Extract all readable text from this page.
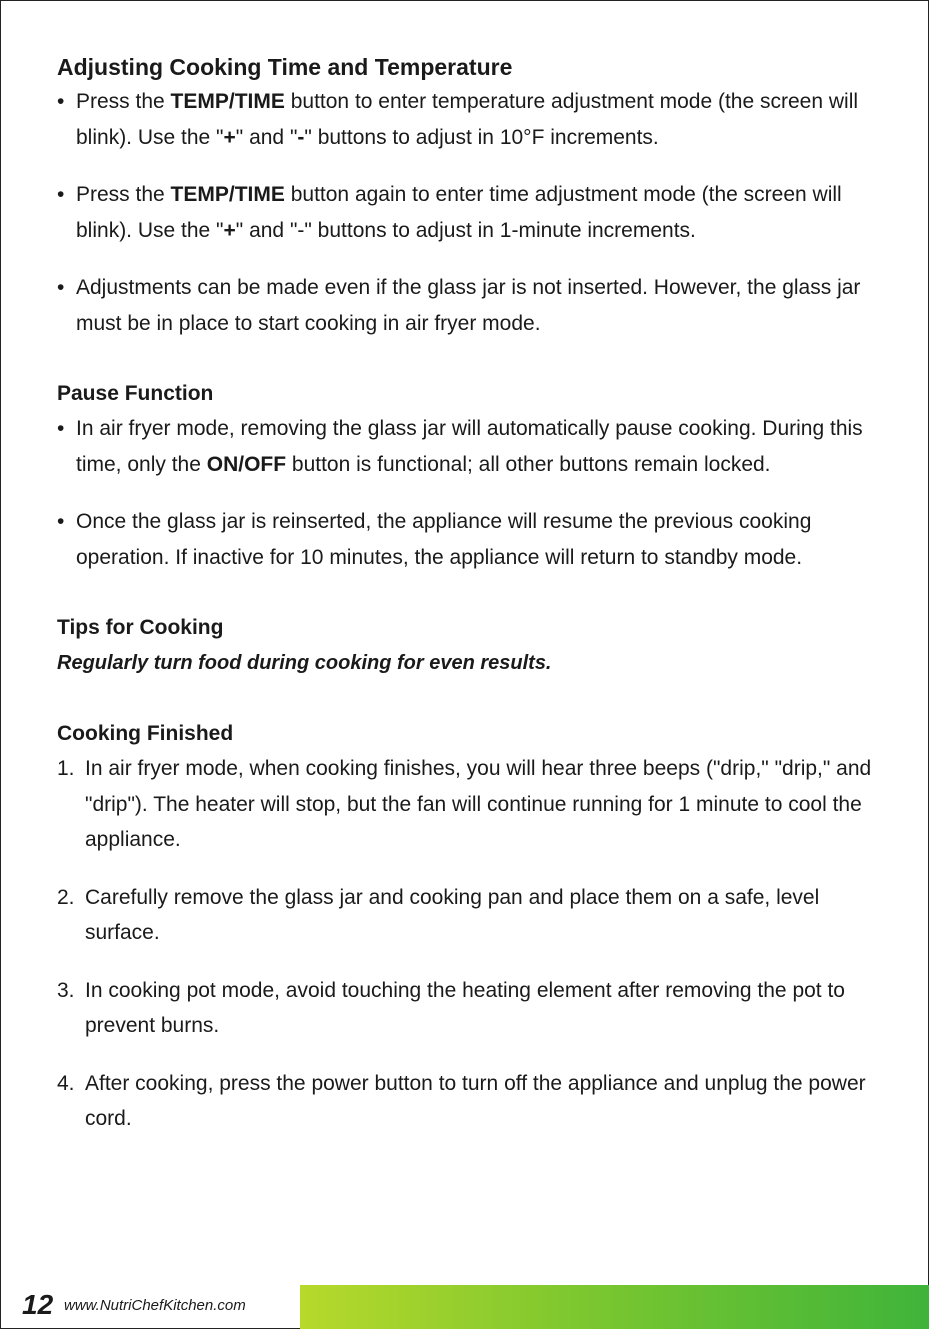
Adjusting Cooking Time and Temperature

• Press the TEMP/TIME button to enter temperature adjustment mode (the screen will blink). Use the "+" and "-" buttons to adjust in 10°F increments.

• Press the TEMP/TIME button again to enter time adjustment mode (the screen will blink). Use the "+" and "-" buttons to adjust in 1-minute increments.

• Adjustments can be made even if the glass jar is not inserted. However, the glass jar must be in place to start cooking in air fryer mode.

Pause Function

• In air fryer mode, removing the glass jar will automatically pause cooking. During this time, only the ON/OFF button is functional; all other buttons remain locked.

• Once the glass jar is reinserted, the appliance will resume the previous cooking operation. If inactive for 10 minutes, the appliance will return to standby mode.

Tips for Cooking

Regularly turn food during cooking for even results.

Cooking Finished

1. In air fryer mode, when cooking finishes, you will hear three beeps ("drip," "drip," and "drip"). The heater will stop, but the fan will continue running for 1 minute to cool the appliance.

2. Carefully remove the glass jar and cooking pan and place them on a safe, level surface.

3. In cooking pot mode, avoid touching the heating element after removing the pot to prevent burns.

4. After cooking, press the power button to turn off the appliance and unplug the power cord.

12 www.NutriChefKitchen.com
